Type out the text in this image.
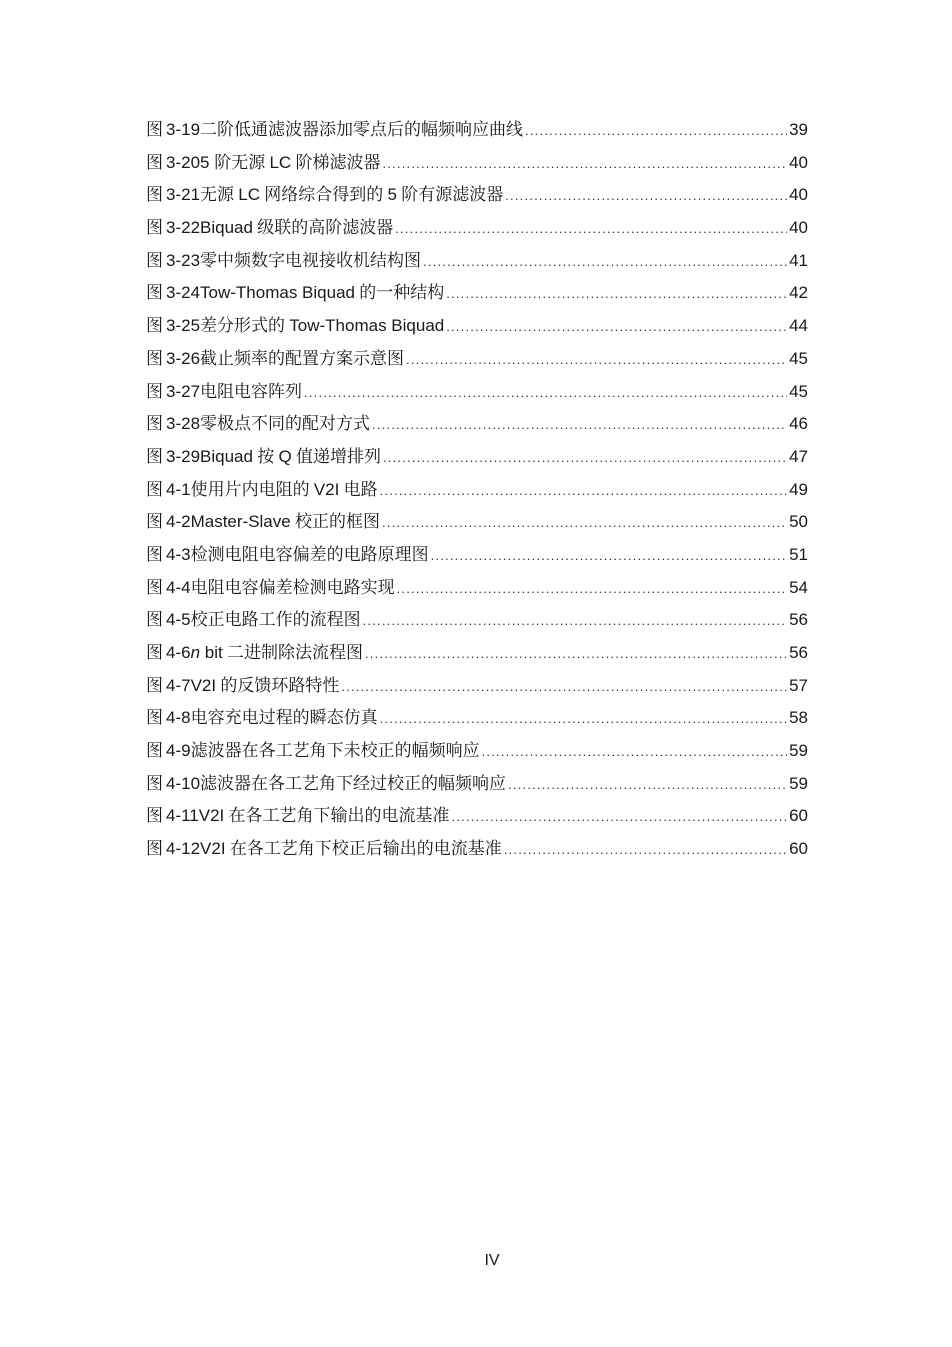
图 3-19 二阶低通滤波器添加零点后的幅频响应曲线 .....	39
图 3-20 5 阶无源 LC 阶梯滤波器 .....	40
图 3-21 无源 LC 网络综合得到的 5 阶有源滤波器 .....	40
图 3-22 Biquad 级联的高阶滤波器 .....	40
图 3-23 零中频数字电视接收机结构图 .....	41
图 3-24 Tow-Thomas Biquad 的一种结构 .....	42
图 3-25 差分形式的 Tow-Thomas Biquad .....	44
图 3-26 截止频率的配置方案示意图 .....	45
图 3-27 电阻电容阵列 .....	45
图 3-28 零极点不同的配对方式 .....	46
图 3-29 Biquad 按 Q 值递增排列 .....	47
图 4-1 使用片内电阻的 V2I 电路 .....	49
图 4-2 Master-Slave 校正的框图 .....	50
图 4-3 检测电阻电容偏差的电路原理图 .....	51
图 4-4 电阻电容偏差检测电路实现 .....	54
图 4-5 校正电路工作的流程图 .....	56
图 4-6 n bit 二进制除法流程图 .....	56
图 4-7 V2I 的反馈环路特性 .....	57
图 4-8 电容充电过程的瞬态仿真 .....	58
图 4-9 滤波器在各工艺角下未校正的幅频响应 .....	59
图 4-10 滤波器在各工艺角下经过校正的幅频响应 .....	59
图 4-11 V2I 在各工艺角下输出的电流基准 .....	60
图 4-12 V2I 在各工艺角下校正后输出的电流基准 .....	60
IV
